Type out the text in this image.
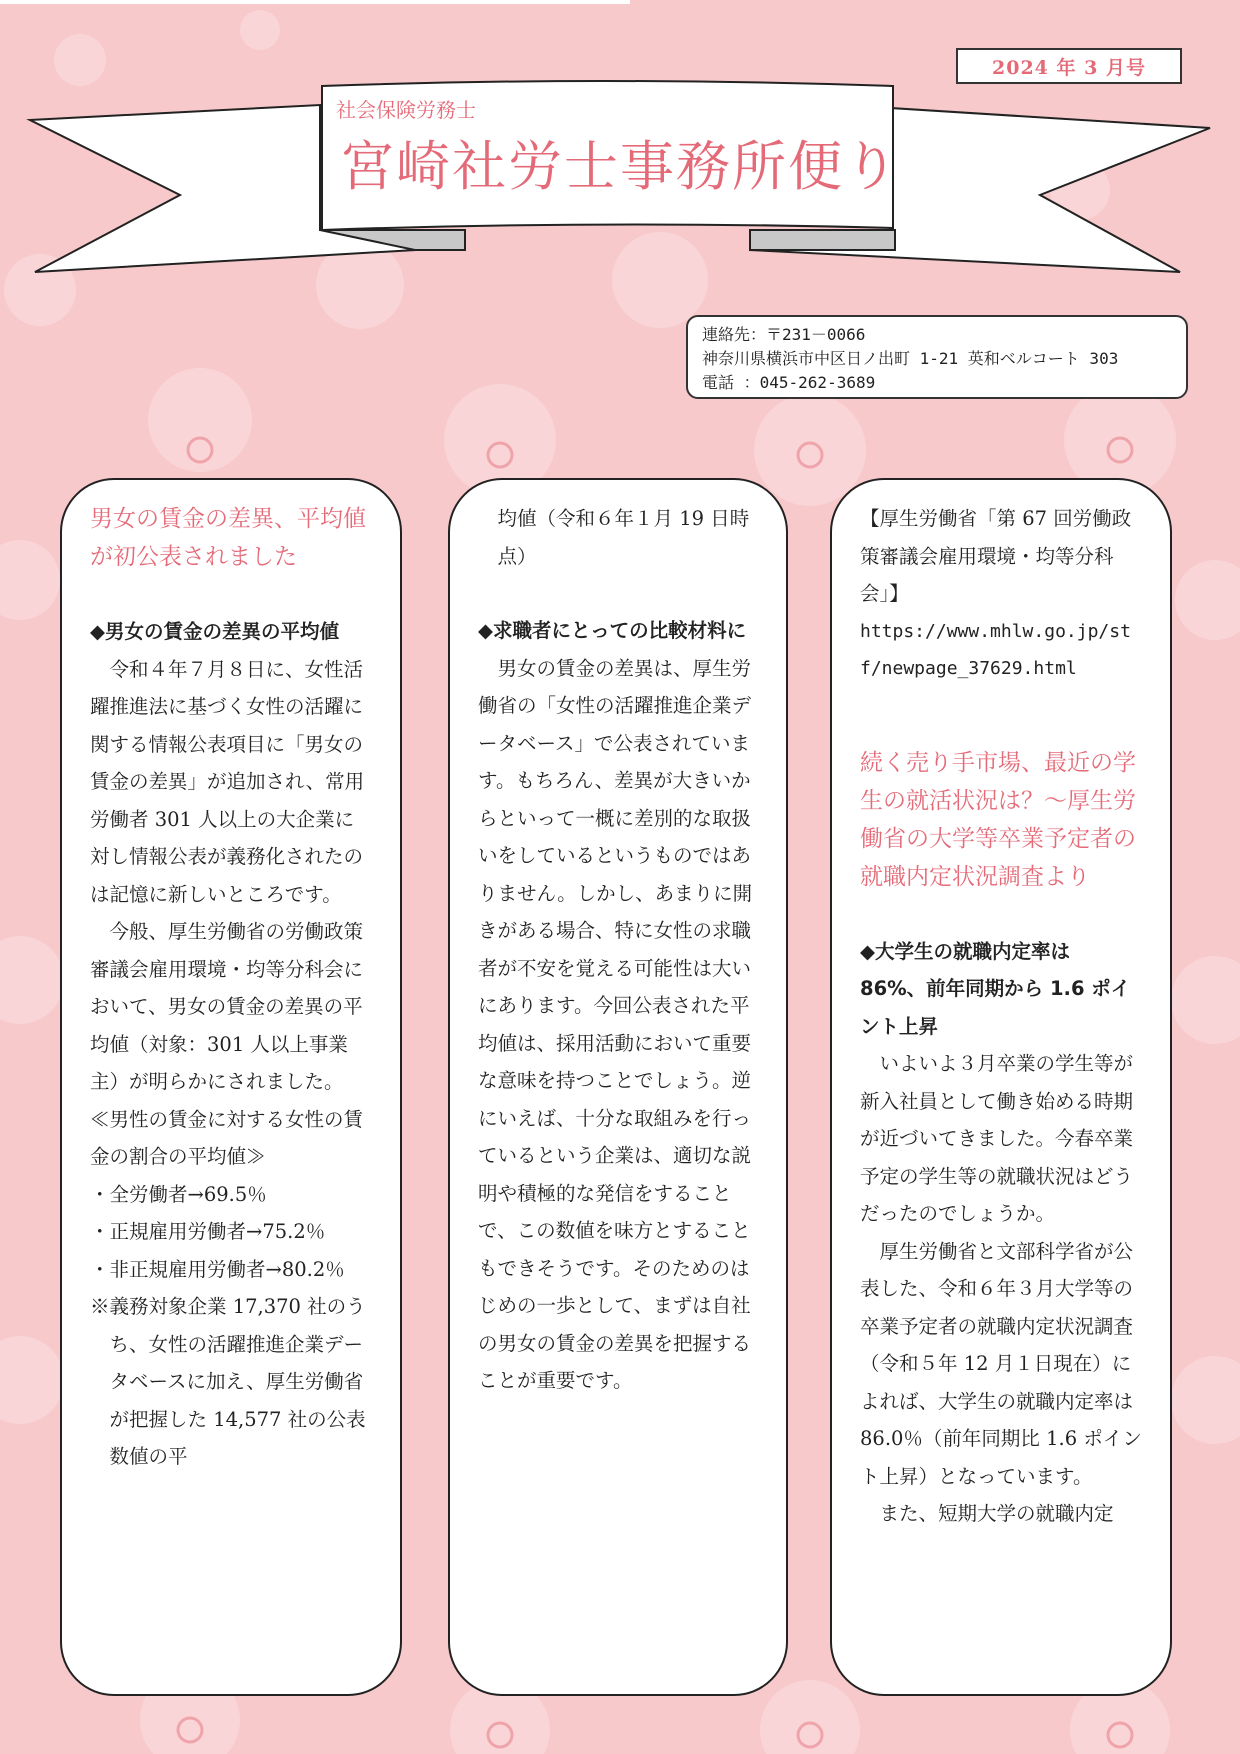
2024 年 3 月号
社会保険労務士
宮崎社労士事務所便り
連絡先：〒231－0066
神奈川県横浜市中区日ノ出町 1-21 英和ベルコート 303
電話 ：045-262-3689
男女の賃金の差異、平均値が初公表されました
◆男女の賃金の差異の平均値

令和４年７月８日に、女性活躍推進法に基づく女性の活躍に関する情報公表項目に「男女の賃金の差異」が追加され、常用労働者 301 人以上の大企業に対し情報公表が義務化されたのは記憶に新しいところです。

今般、厚生労働省の労働政策審議会雇用環境・均等分科会において、男女の賃金の差異の平均値（対象：301 人以上事業主）が明らかにされました。

≪男性の賃金に対する女性の賃金の割合の平均値≫

・全労働者→69.5％

・正規雇用労働者→75.2％

・非正規雇用労働者→80.2％

※義務対象企業 17,370 社のうち、女性の活躍推進企業データベースに加え、厚生労働省が把握した 14,577 社の公表数値の平

均値（令和６年１月 19 日時点）

◆求職者にとっての比較材料に

男女の賃金の差異は、厚生労働省の「女性の活躍推進企業データベース」で公表されています。もちろん、差異が大きいからといって一概に差別的な取扱いをしているというものではありません。しかし、あまりに開きがある場合、特に女性の求職者が不安を覚える可能性は大いにあります。今回公表された平均値は、採用活動において重要な意味を持つことでしょう。逆にいえば、十分な取組みを行っているという企業は、適切な説明や積極的な発信をすることで、この数値を味方とすることもできそうです。そのためのはじめの一歩として、まずは自社の男女の賃金の差異を把握することが重要です。

【厚生労働省「第 67 回労働政策審議会雇用環境・均等分科会」】

https://www.mhlw.go.jp/stf/newpage_37629.html

続く売り手市場、最近の学生の就活状況は？～厚生労働省の大学等卒業予定者の就職内定状況調査より
◆大学生の就職内定率は 86%、前年同期から 1.6 ポイント上昇

いよいよ３月卒業の学生等が新入社員として働き始める時期が近づいてきました。今春卒業予定の学生等の就職状況はどうだったのでしょうか。

厚生労働省と文部科学省が公表した、令和６年３月大学等の卒業予定者の就職内定状況調査（令和５年 12 月１日現在）によれば、大学生の就職内定率は 86.0％（前年同期比 1.6 ポイント上昇）となっています。

また、短期大学の就職内定
